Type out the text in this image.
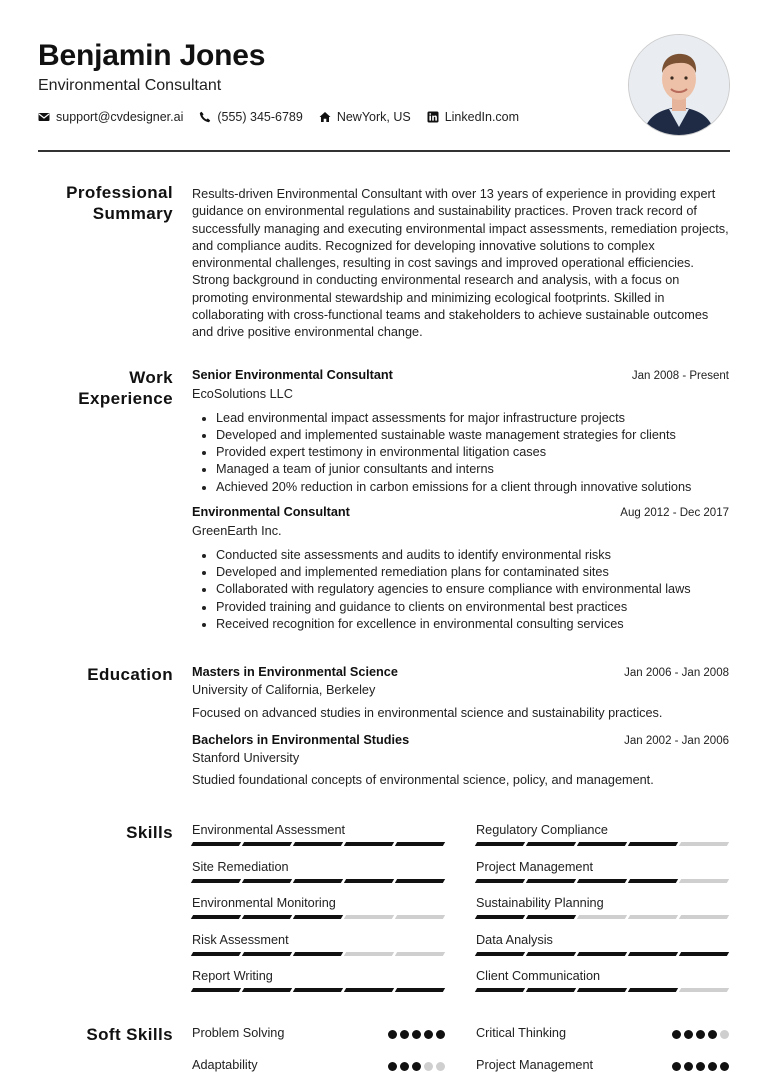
Benjamin Jones
Environmental Consultant
support@cvdesigner.ai	(555) 345-6789	NewYork, US	LinkedIn.com
Professional
Summary
Results-driven Environmental Consultant with over 13 years of experience in providing expert guidance on environmental regulations and sustainability practices. Proven track record of successfully managing and executing environmental impact assessments, remediation projects, and compliance audits. Recognized for developing innovative solutions to complex environmental challenges, resulting in cost savings and improved operational efficiencies. Strong background in conducting environmental research and analysis, with a focus on promoting environmental stewardship and minimizing ecological footprints. Skilled in collaborating with cross-functional teams and stakeholders to achieve sustainable outcomes and drive positive environmental change.
Work
Experience
Senior Environmental Consultant	Jan 2008 - Present
EcoSolutions LLC
• Lead environmental impact assessments for major infrastructure projects
• Developed and implemented sustainable waste management strategies for clients
• Provided expert testimony in environmental litigation cases
• Managed a team of junior consultants and interns
• Achieved 20% reduction in carbon emissions for a client through innovative solutions
Environmental Consultant	Aug 2012 - Dec 2017
GreenEarth Inc.
• Conducted site assessments and audits to identify environmental risks
• Developed and implemented remediation plans for contaminated sites
• Collaborated with regulatory agencies to ensure compliance with environmental laws
• Provided training and guidance to clients on environmental best practices
• Received recognition for excellence in environmental consulting services
Education Masters in Environmental Science	Jan 2006 - Jan 2008
University of California, Berkeley
Focused on advanced studies in environmental science and sustainability practices.
Bachelors in Environmental Studies	Jan 2002 - Jan 2006
Stanford University
Studied foundational concepts of environmental science, policy, and management.
Skills Environmental Assessment	Regulatory Compliance
Site Remediation	Project Management
Environmental Monitoring	Sustainability Planning
Risk Assessment	Data Analysis
Report Writing	Client Communication
Soft Skills Problem Solving	Critical Thinking
Adaptability	Project Management
